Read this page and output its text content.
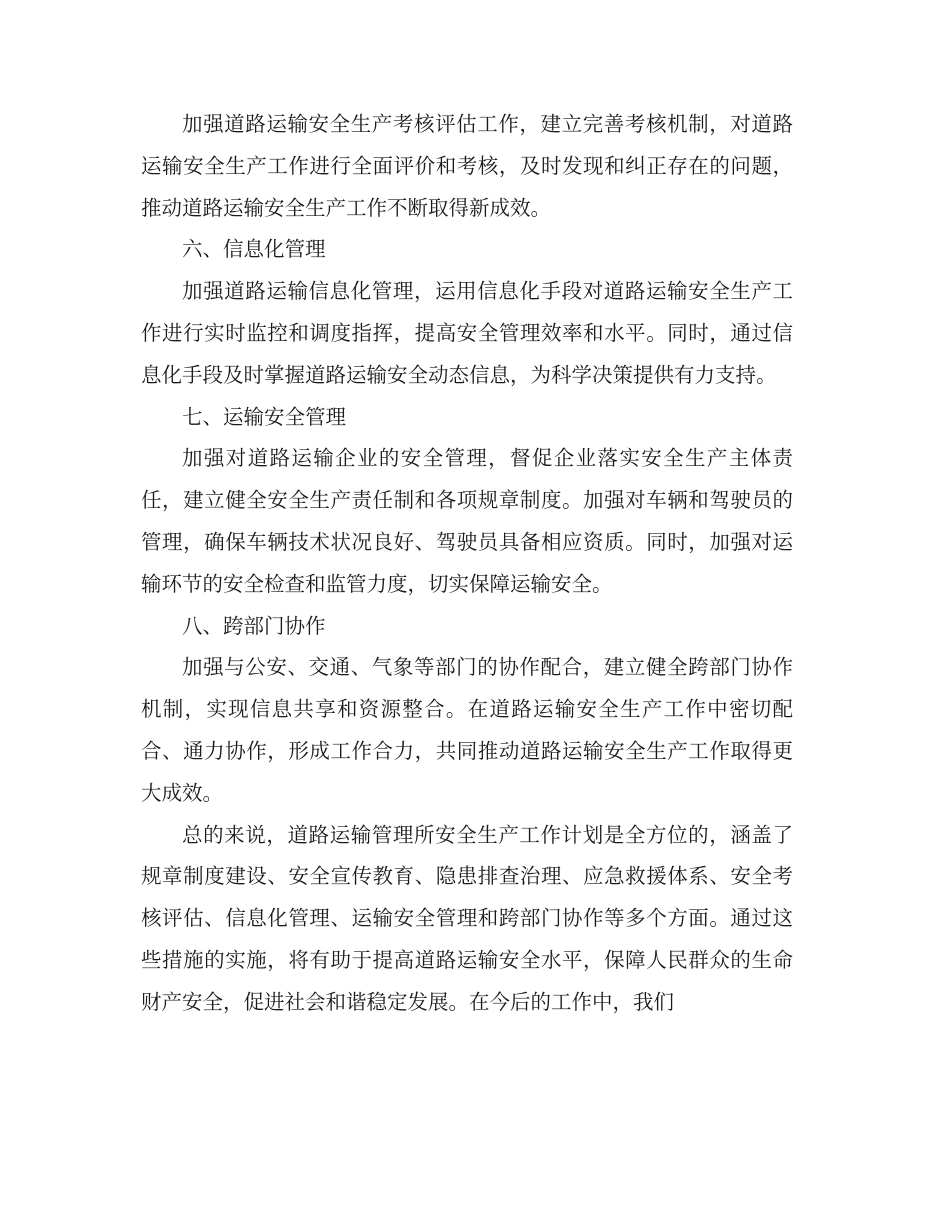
加强道路运输安全生产考核评估工作，建立完善考核机制，对道路运输安全生产工作进行全面评价和考核，及时发现和纠正存在的问题，推动道路运输安全生产工作不断取得新成效。

六、信息化管理

加强道路运输信息化管理，运用信息化手段对道路运输安全生产工作进行实时监控和调度指挥，提高安全管理效率和水平。同时，通过信息化手段及时掌握道路运输安全动态信息，为科学决策提供有力支持。

七、运输安全管理

加强对道路运输企业的安全管理，督促企业落实安全生产主体责任，建立健全安全生产责任制和各项规章制度。加强对车辆和驾驶员的管理，确保车辆技术状况良好、驾驶员具备相应资质。同时，加强对运输环节的安全检查和监管力度，切实保障运输安全。

八、跨部门协作

加强与公安、交通、气象等部门的协作配合，建立健全跨部门协作机制，实现信息共享和资源整合。在道路运输安全生产工作中密切配合、通力协作，形成工作合力，共同推动道路运输安全生产工作取得更大成效。

总的来说，道路运输管理所安全生产工作计划是全方位的，涵盖了规章制度建设、安全宣传教育、隐患排查治理、应急救援体系、安全考核评估、信息化管理、运输安全管理和跨部门协作等多个方面。通过这些措施的实施，将有助于提高道路运输安全水平，保障人民群众的生命财产安全，促进社会和谐稳定发展。在今后的工作中，我们
